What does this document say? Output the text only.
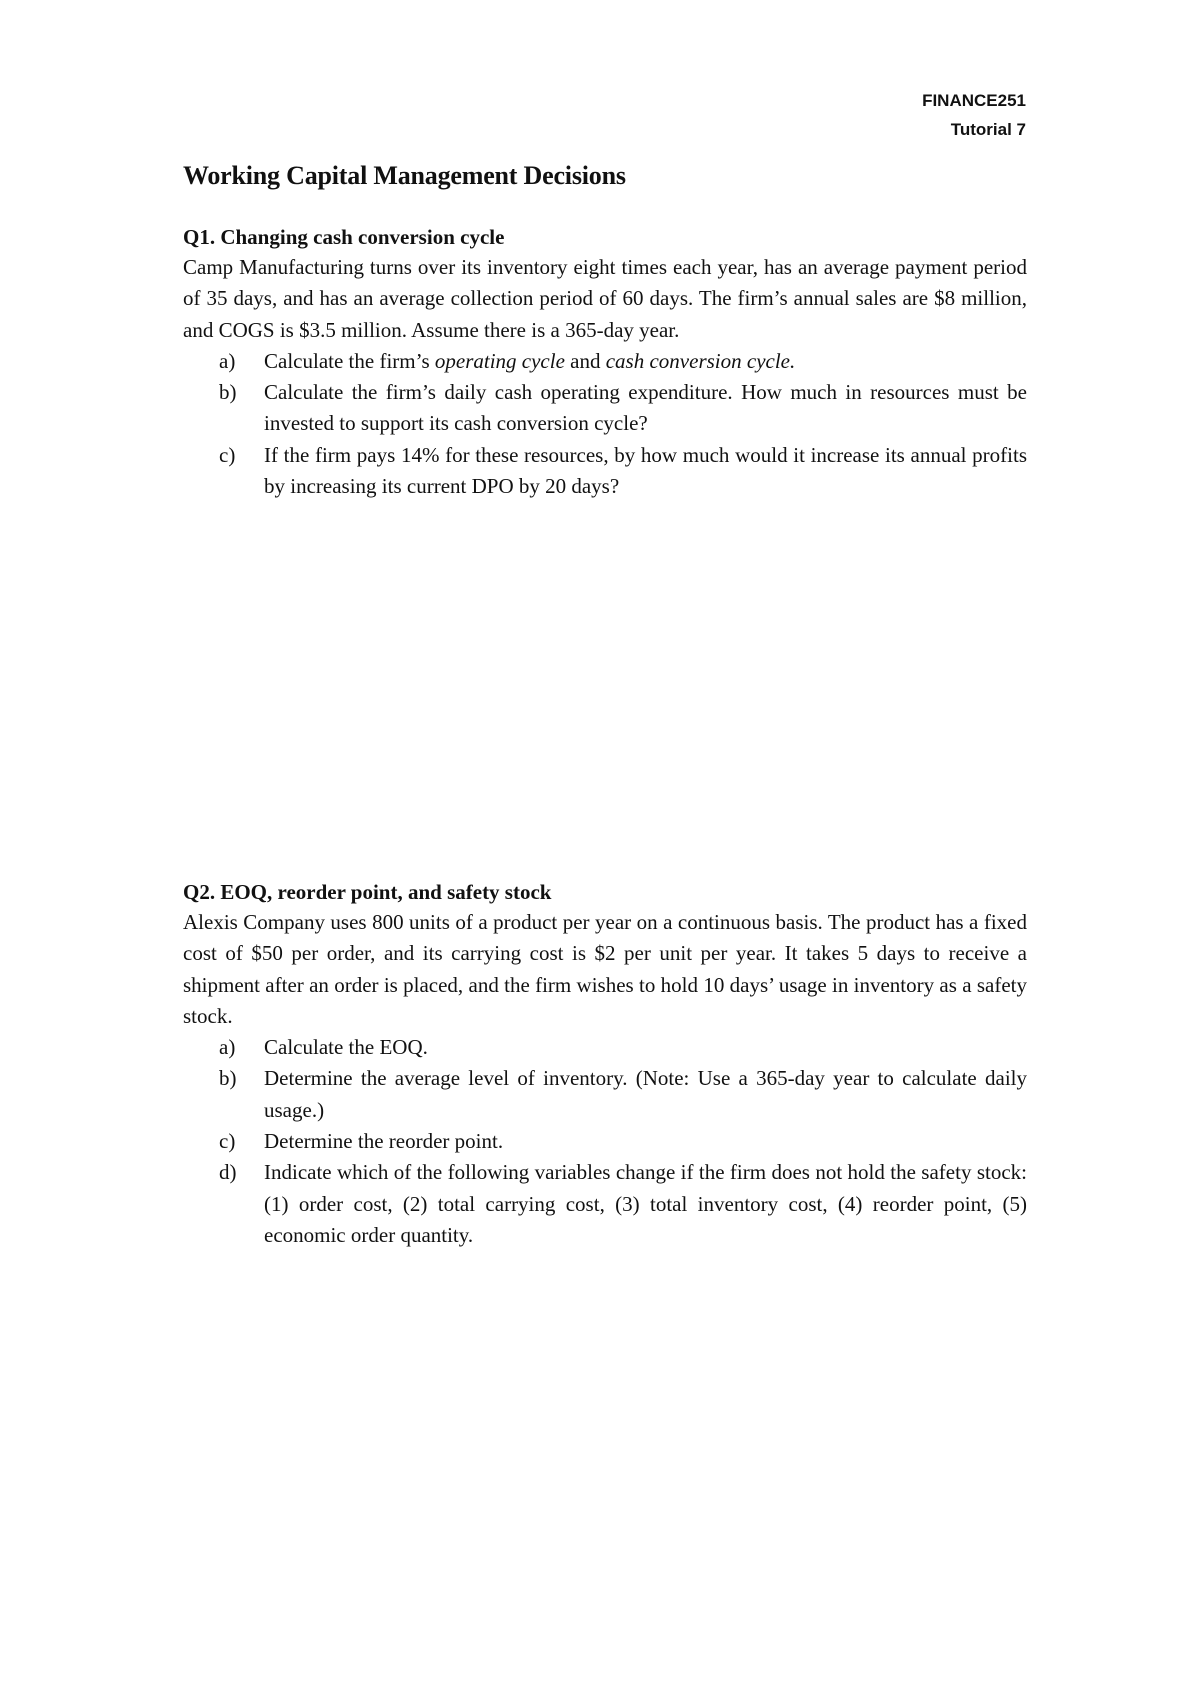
FINANCE251
Tutorial 7
Working Capital Management Decisions
Q1. Changing cash conversion cycle
Camp Manufacturing turns over its inventory eight times each year, has an average payment period of 35 days, and has an average collection period of 60 days. The firm’s annual sales are $8 million, and COGS is $3.5 million. Assume there is a 365-day year.
a)	Calculate the firm’s operating cycle and cash conversion cycle.
b)	Calculate the firm’s daily cash operating expenditure. How much in resources must be invested to support its cash conversion cycle?
c)	If the firm pays 14% for these resources, by how much would it increase its annual profits by increasing its current DPO by 20 days?
Q2. EOQ, reorder point, and safety stock
Alexis Company uses 800 units of a product per year on a continuous basis. The product has a fixed cost of $50 per order, and its carrying cost is $2 per unit per year. It takes 5 days to receive a shipment after an order is placed, and the firm wishes to hold 10 days’ usage in inventory as a safety stock.
a)	Calculate the EOQ.
b)	Determine the average level of inventory. (Note: Use a 365-day year to calculate daily usage.)
c)	Determine the reorder point.
d)	Indicate which of the following variables change if the firm does not hold the safety stock: (1) order cost, (2) total carrying cost, (3) total inventory cost, (4) reorder point, (5) economic order quantity.
